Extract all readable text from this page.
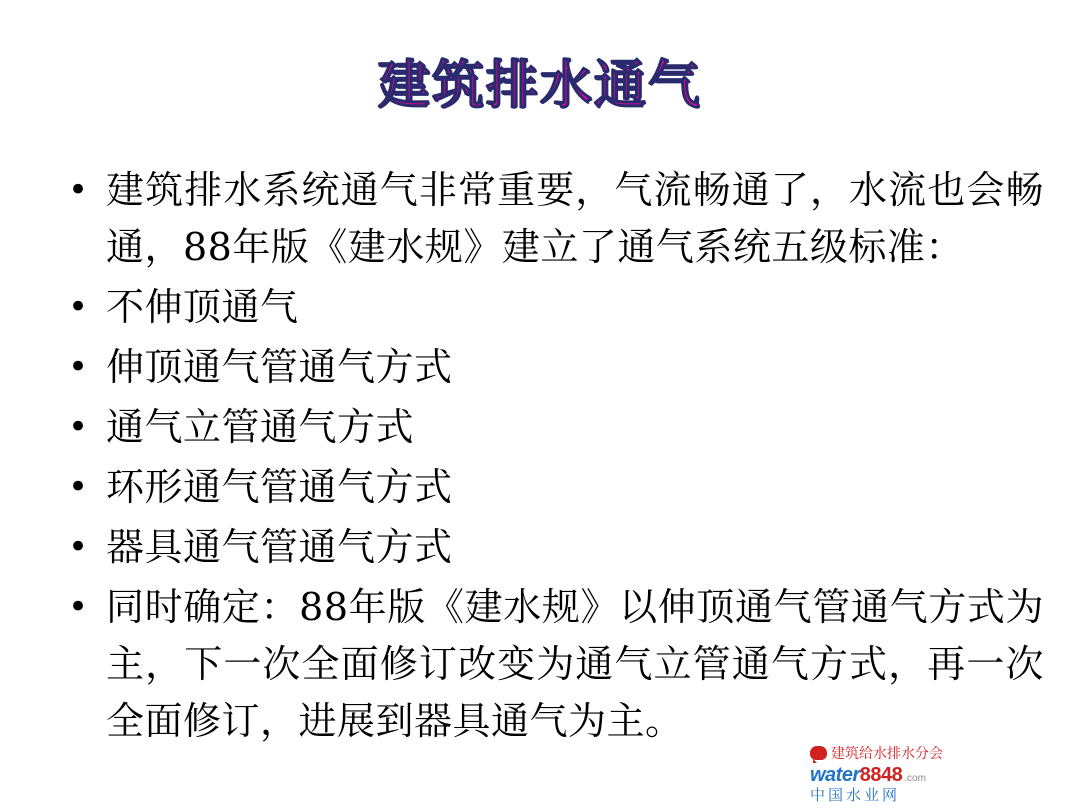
建筑排水通气
• 建筑排水系统通气非常重要，气流畅通了，水流也会畅通，88年版《建水规》建立了通气系统五级标准：
• 不伸顶通气
• 伸顶通气管通气方式
• 通气立管通气方式
• 环形通气管通气方式
• 器具通气管通气方式
• 同时确定：88年版《建水规》以伸顶通气管通气方式为主，下一次全面修订改变为通气立管通气方式，再一次全面修订，进展到器具通气为主。
建筑给水排水分会
water 8848 .com
中国水业网
